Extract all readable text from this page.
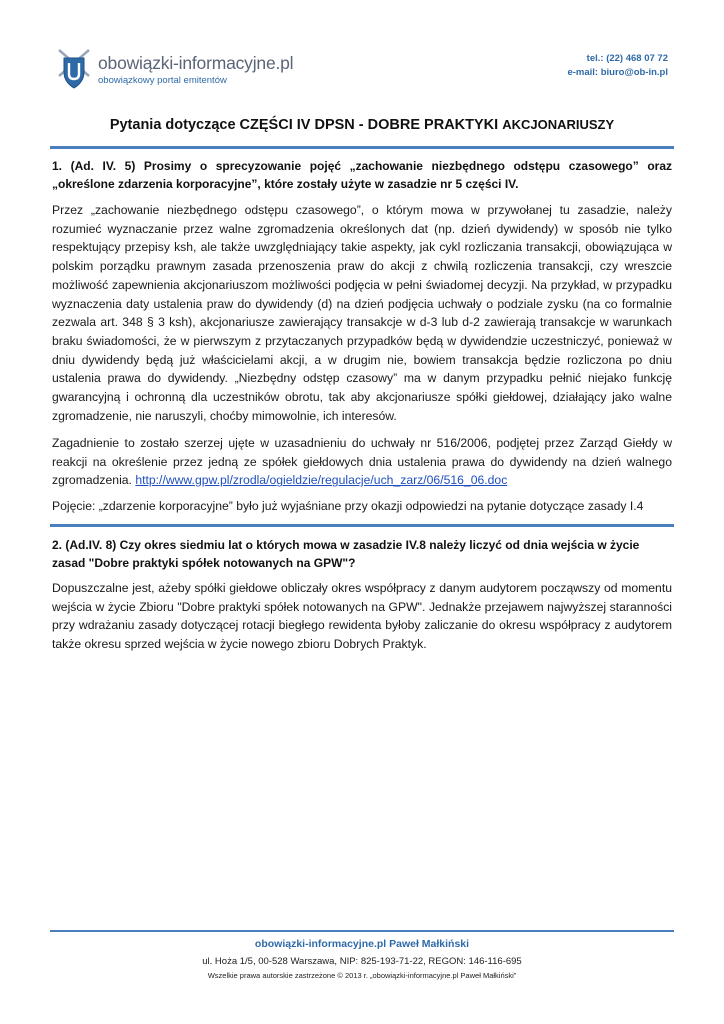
obowiązki-informacyjne.pl
obowiązkowy portal emitentów
tel.: (22) 468 07 72
e-mail: biuro@ob-in.pl
Pytania dotyczące CZĘŚCI IV DPSN - DOBRE PRAKTYKI AKCJONARIUSZY
1. (Ad. IV. 5) Prosimy o sprecyzowanie pojęć „zachowanie niezbędnego odstępu czasowego” oraz „określone zdarzenia korporacyjne”, które zostały użyte w zasadzie nr 5 części IV.
Przez „zachowanie niezbędnego odstępu czasowego”, o którym mowa w przywołanej tu zasadzie, należy rozumieć wyznaczanie przez walne zgromadzenia określonych dat (np. dzień dywidendy) w sposób nie tylko respektujący przepisy ksh, ale także uwzględniający takie aspekty, jak cykl rozliczania transakcji, obowiązująca w polskim porządku prawnym zasada przenoszenia praw do akcji z chwilą rozliczenia transakcji, czy wreszcie możliwość zapewnienia akcjonariuszom możliwości podjęcia w pełni świadomej decyzji. Na przykład, w przypadku wyznaczenia daty ustalenia praw do dywidendy (d) na dzień podjęcia uchwały o podziale zysku (na co formalnie zezwala art. 348 § 3 ksh), akcjonariusze zawierający transakcje w d-3 lub d-2 zawierają transakcje w warunkach braku świadomości, że w pierwszym z przytaczanych przypadków będą w dywidendzie uczestniczyć, ponieważ w dniu dywidendy będą już właścicielami akcji, a w drugim nie, bowiem transakcja będzie rozliczona po dniu ustalenia prawa do dywidendy. „Niezbędny odstęp czasowy” ma w danym przypadku pełnić niejako funkcję gwarancyjną i ochronną dla uczestników obrotu, tak aby akcjonariusze spółki giełdowej, działający jako walne zgromadzenie, nie naruszyli, choćby mimowolnie, ich interesów.
Zagadnienie to zostało szerzej ujęte w uzasadnieniu do uchwały nr 516/2006, podjętej przez Zarząd Giełdy w reakcji na określenie przez jedną ze spółek giełdowych dnia ustalenia prawa do dywidendy na dzień walnego zgromadzenia. http://www.gpw.pl/zrodla/ogieldzie/regulacje/uch_zarz/06/516_06.doc
Pojęcie: „zdarzenie korporacyjne” było już wyjaśniane przy okazji odpowiedzi na pytanie dotyczące zasady I.4
2. (Ad.IV. 8) Czy okres siedmiu lat o których mowa w zasadzie IV.8 należy liczyć od dnia wejścia w życie zasad "Dobre praktyki spółek notowanych na GPW"?
Dopuszczalne jest, ażeby spółki giełdowe obliczały okres współpracy z danym audytorem począwszy od momentu wejścia w życie Zbioru "Dobre praktyki spółek notowanych na GPW". Jednakże przejawem najwyższej staranności przy wdrażaniu zasady dotyczącej rotacji biegłego rewidenta byłoby zaliczanie do okresu współpracy z audytorem także okresu sprzed wejścia w życie nowego zbioru Dobrych Praktyk.
obowiązki-informacyjne.pl Paweł Małkiński
ul. Hoża 1/5, 00-528 Warszawa, NIP: 825-193-71-22, REGON: 146-116-695
Wszelkie prawa autorskie zastrzeżone © 2013 r. „obowiązki-informacyjne.pl Paweł Małkiński”
